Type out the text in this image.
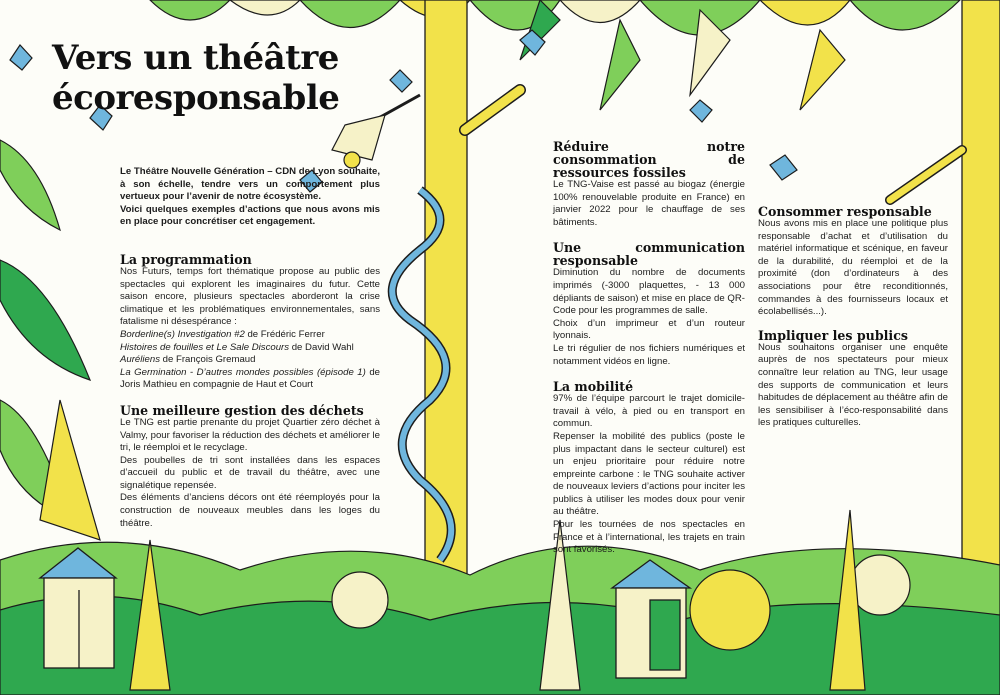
Vers un théâtre
écoresponsable

Le Théâtre Nouvelle Génération – CDN de Lyon souhaite, à son échelle, tendre vers un comportement plus vertueux pour l’avenir de notre écosystème.

Voici quelques exemples d’actions que nous avons mis en place pour concrétiser cet engagement.

La programmation

Nos Futurs, temps fort thématique propose au public des spectacles qui explorent les imaginaires du futur. Cette saison encore, plusieurs spectacles aborderont la crise climatique et les problématiques environnementales, sans fatalisme ni désespérance :

Borderline(s) Investigation #2 de Frédéric Ferrer

Histoires de fouilles et Le Sale Discours de David Wahl

Auréliens de François Gremaud

La Germination - D’autres mondes possibles (épisode 1) de Joris Mathieu en compagnie de Haut et Court

Une meilleure gestion des déchets

Le TNG est partie prenante du projet Quartier zéro déchet à Valmy, pour favoriser la réduction des déchets et améliorer le tri, le réemploi et le recyclage.

Des poubelles de tri sont installées dans les espaces d’accueil du public et de travail du théâtre, avec une signalétique repensée.

Des éléments d’anciens décors ont été réemployés pour la construction de nouveaux meubles dans les loges du théâtre.

Réduire notre consommation de ressources fossiles

Le TNG-Vaise est passé au biogaz (énergie 100% renouvelable produite en France) en janvier 2022 pour le chauffage de ses bâtiments.

Une communication responsable

Diminution du nombre de documents imprimés (-3000 plaquettes, - 13 000 dépliants de saison) et mise en place de QR-Code pour les programmes de salle.

Choix d’un imprimeur et d’un routeur lyonnais.

Le tri régulier de nos fichiers numériques et notamment vidéos en ligne.

La mobilité

97% de l’équipe parcourt le trajet domicile-travail à vélo, à pied ou en transport en commun.

Repenser la mobilité des publics (poste le plus impactant dans le secteur culturel) est un enjeu prioritaire pour réduire notre empreinte carbone : le TNG souhaite activer de nouveaux leviers d’actions pour inciter les publics à utiliser les modes doux pour venir au théâtre.

Pour les tournées de nos spectacles en France et à l’international, les trajets en train sont favorisés.

Consommer responsable

Nous avons mis en place une politique plus responsable d’achat et d’utilisation du matériel informatique et scénique, en faveur de la durabilité, du réemploi et de la proximité (don d’ordinateurs à des associations pour être reconditionnés, commandes à des fournisseurs locaux et écolabellisés...).

Impliquer les publics

Nous souhaitons organiser une enquête auprès de nos spectateurs pour mieux connaître leur relation au TNG, leur usage des supports de communication et leurs habitudes de déplacement au théâtre afin de les sensibiliser à l’éco-responsabilité dans les pratiques culturelles.
